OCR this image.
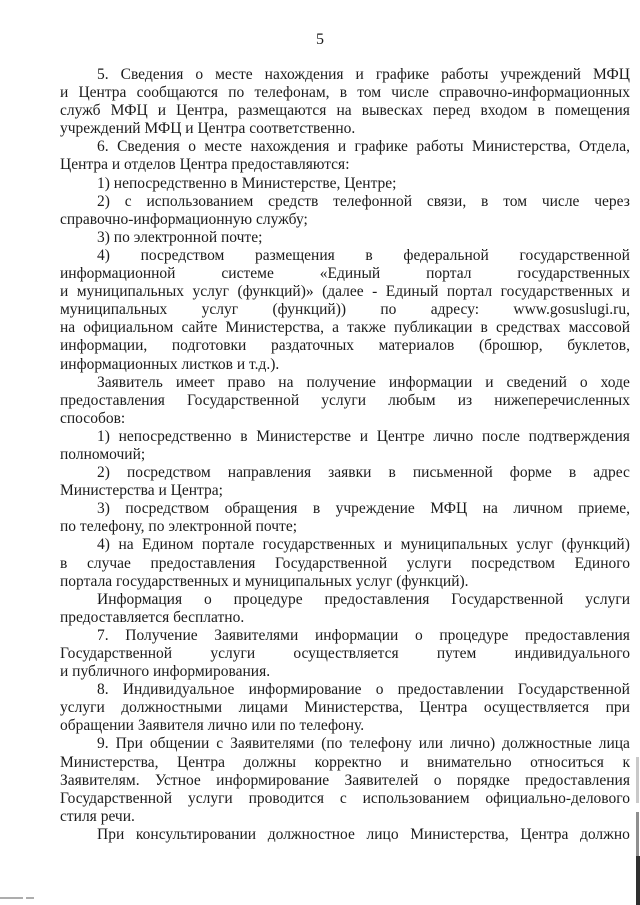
5
5. Сведения о месте нахождения и графике работы учреждений МФЦ
и Центра сообщаются по телефонам, в том числе справочно-информационных
служб МФЦ и Центра, размещаются на вывесках перед входом в помещения
учреждений МФЦ и Центра соответственно.
6. Сведения о месте нахождения и графике работы Министерства, Отдела,
Центра и отделов Центра предоставляются:
1) непосредственно в Министерстве, Центре;
2) с использованием средств телефонной связи, в том числе через
справочно-информационную службу;
3) по электронной почте;
4) посредством размещения в федеральной государственной
информационной	системе	«Единый	портал	государственных
и муниципальных услуг (функций)» (далее - Единый портал государственных и
муниципальных услуг (функций)) по адресу: www.gosuslugi.ru,
на официальном сайте Министерства, а также публикации в средствах массовой
информации, подготовки раздаточных материалов (брошюр, буклетов,
информационных листков и т.д.).
Заявитель имеет право на получение информации и сведений о ходе
предоставления Государственной услуги любым из нижеперечисленных
способов:
1) непосредственно в Министерстве и Центре лично после подтверждения
полномочий;
2) посредством направления заявки в письменной форме в адрес
Министерства и Центра;
3) посредством обращения в учреждение МФЦ на личном приеме,
по телефону, по электронной почте;
4) на Едином портале государственных и муниципальных услуг (функций)
в случае предоставления Государственной услуги посредством Единого
портала государственных и муниципальных услуг (функций).
Информация о процедуре предоставления Государственной услуги
предоставляется бесплатно.
7. Получение Заявителями информации о процедуре предоставления
Государственной услуги осуществляется путем индивидуального
и публичного информирования.
8. Индивидуальное информирование о предоставлении Государственной
услуги должностными лицами Министерства, Центра осуществляется при
обращении Заявителя лично или по телефону.
9. При общении с Заявителями (по телефону или лично) должностные лица
Министерства, Центра должны корректно и внимательно относиться к
Заявителям. Устное информирование Заявителей о порядке предоставления
Государственной услуги проводится с использованием официально-делового
стиля речи.
При консультировании должностное лицо Министерства, Центра должно
